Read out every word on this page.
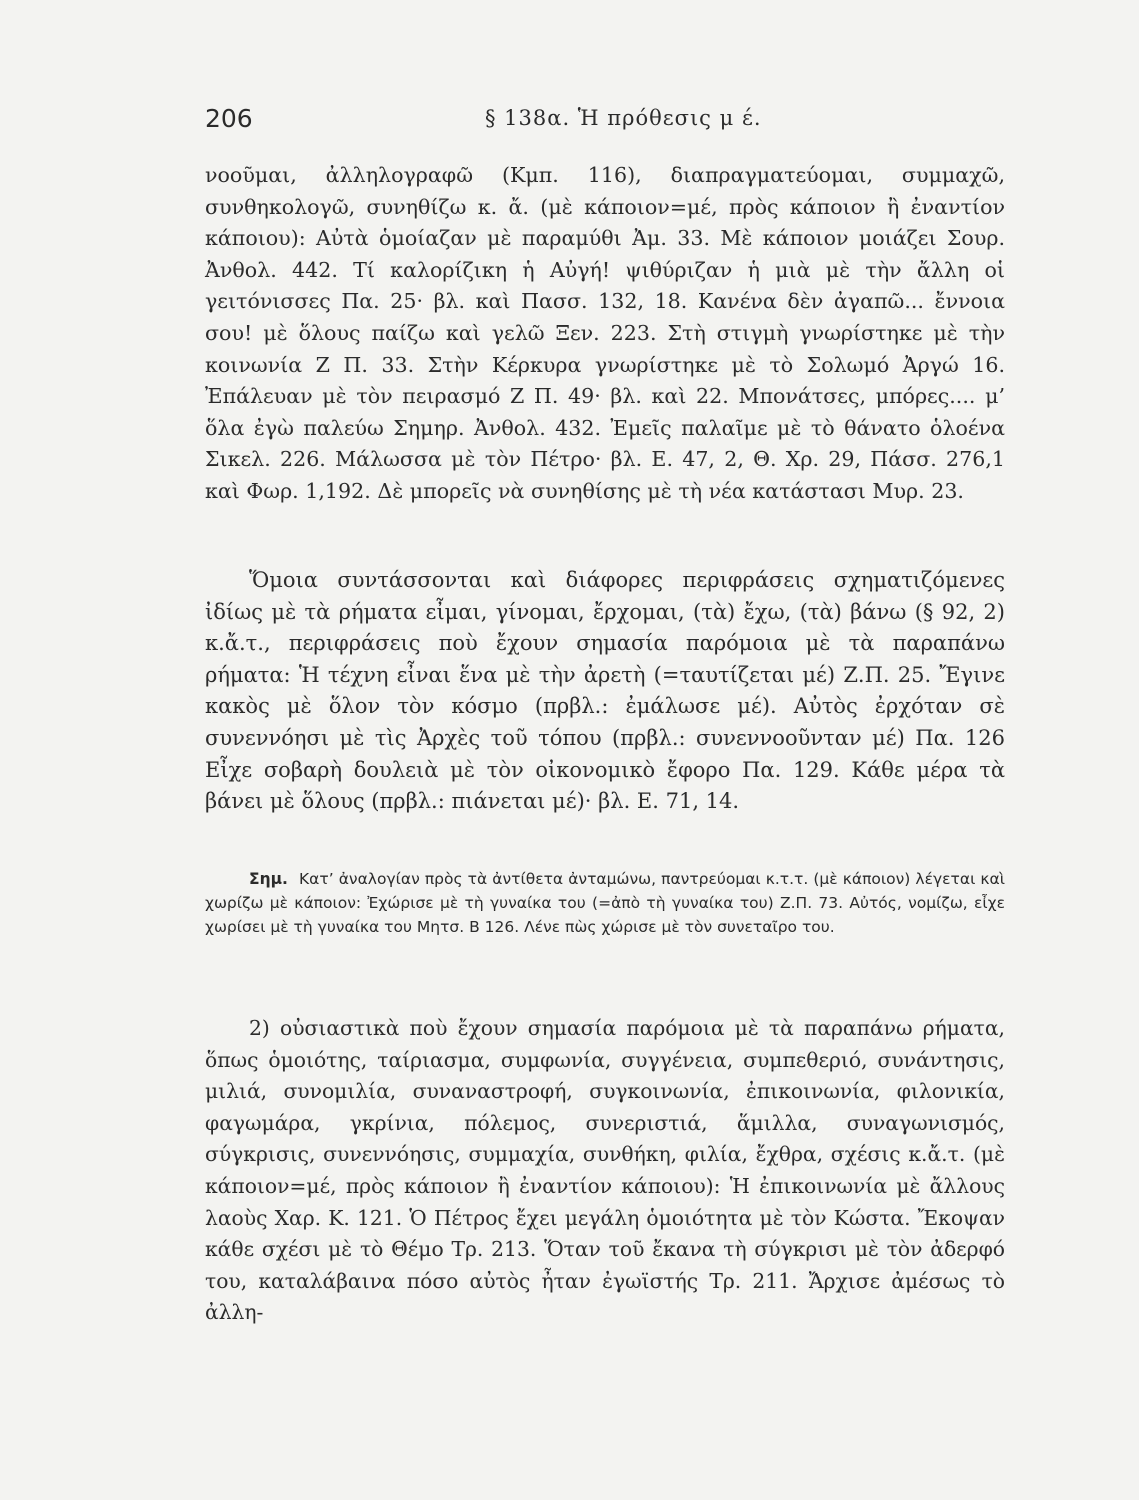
206	§ 138α. Ἡ πρόθεσις μ έ.

νοοῦμαι, ἀλληλογραφῶ (Κμπ. 116), διαπραγματεύομαι, συμμαχῶ, συνθηκολογῶ, συνηθίζω κ. ἄ. (μὲ κάποιον=μέ, πρὸς κάποιον ἢ ἐναντίον κάποιου): Αὐτὰ ὁμοίαζαν μὲ παραμύθι Ἀμ. 33. Μὲ κάποιον μοιάζει Σουρ. Ἀνθολ. 442. Τί καλορίζικη ἡ Αὐγή! ψιθύριζαν ἡ μιὰ μὲ τὴν ἄλλη οἱ γειτόνισσες Πα. 25· βλ. καὶ Πασσ. 132, 18. Κανένα δὲν ἀγαπῶ... ἔννοια σου! μὲ ὅλους παίζω καὶ γελῶ Ξεν. 223. Στὴ στιγμὴ γνωρίστηκε μὲ τὴν κοινωνία Ζ Π. 33. Στὴν Κέρκυρα γνωρίστηκε μὲ τὸ Σολωμό Ἀργώ 16. Ἐπάλευαν μὲ τὸν πειρασμό Ζ Π. 49· βλ. καὶ 22. Μπονάτσες, μπόρες.... μ’ ὅλα ἐγὼ παλεύω Σημηρ. Ἀνθολ. 432. Ἐμεῖς παλαῖμε μὲ τὸ θάνατο ὁλοένα Σικελ. 226. Μάλωσσα μὲ τὸν Πέτρο· βλ. Ε. 47, 2, Θ. Χρ. 29, Πάσσ. 276,1 καὶ Φωρ. 1,192. Δὲ μπορεῖς νὰ συνηθίσης μὲ τὴ νέα κατάστασι Μυρ. 23.

Ὅμοια συντάσσονται καὶ διάφορες περιφράσεις σχηματιζόμενες ἰδίως μὲ τὰ ρήματα εἶμαι, γίνομαι, ἔρχομαι, (τὰ) ἔχω, (τὰ) βάνω (§ 92, 2) κ.ἄ.τ., περιφράσεις ποὺ ἔχουν σημασία παρόμοια μὲ τὰ παραπάνω ρήματα: Ἡ τέχνη εἶναι ἕνα μὲ τὴν ἀρετὴ (=ταυτίζεται μέ) Ζ.Π. 25. Ἔγινε κακὸς μὲ ὅλον τὸν κόσμο (πρβλ.: ἐμάλωσε μέ). Αὐτὸς ἐρχόταν σὲ συνεννόησι μὲ τὶς Ἀρχὲς τοῦ τόπου (πρβλ.: συνεννοοῦνταν μέ) Πα. 126 Εἶχε σοβαρὴ δουλειὰ μὲ τὸν οἰκονομικὸ ἔφορο Πα. 129. Κάθε μέρα τὰ βάνει μὲ ὅλους (πρβλ.: πιάνεται μέ)· βλ. Ε. 71, 14.

Σημ. Κατ’ ἀναλογίαν πρὸς τὰ ἀντίθετα ἀνταμώνω, παντρεύομαι κ.τ.τ. (μὲ κάποιον) λέγεται καὶ χωρίζω μὲ κάποιον: Ἐχώρισε μὲ τὴ γυναίκα του (=ἀπὸ τὴ γυναίκα του) Ζ.Π. 73. Αὐτός, νομίζω, εἶχε χωρίσει μὲ τὴ γυναίκα του Μητσ. Β 126. Λένε πὼς χώρισε μὲ τὸν συνεταῖρο του.

2) οὐσιαστικὰ ποὺ ἔχουν σημασία παρόμοια μὲ τὰ παραπάνω ρήματα, ὅπως ὁμοιότης, ταίριασμα, συμφωνία, συγγένεια, συμπεθεριό, συνάντησις, μιλιά, συνομιλία, συναναστροφή, συγκοινωνία, ἐπικοινωνία, φιλονικία, φαγωμάρα, γκρίνια, πόλεμος, συνεριστιά, ἅμιλλα, συναγωνισμός, σύγκρισις, συνεννόησις, συμμαχία, συνθήκη, φιλία, ἔχθρα, σχέσις κ.ἄ.τ. (μὲ κάποιον=μέ, πρὸς κάποιον ἢ ἐναντίον κάποιου): Ἡ ἐπικοινωνία μὲ ἄλλους λαοὺς Χαρ. Κ. 121. Ὁ Πέτρος ἔχει μεγάλη ὁμοιότητα μὲ τὸν Κώστα. Ἔκοψαν κάθε σχέσι μὲ τὸ Θέμο Τρ. 213. Ὅταν τοῦ ἔκανα τὴ σύγκρισι μὲ τὸν ἀδερφό του, καταλάβαινα πόσο αὐτὸς ἦταν ἐγωϊστής Τρ. 211. Ἄρχισε ἀμέσως τὸ ἀλλη-
